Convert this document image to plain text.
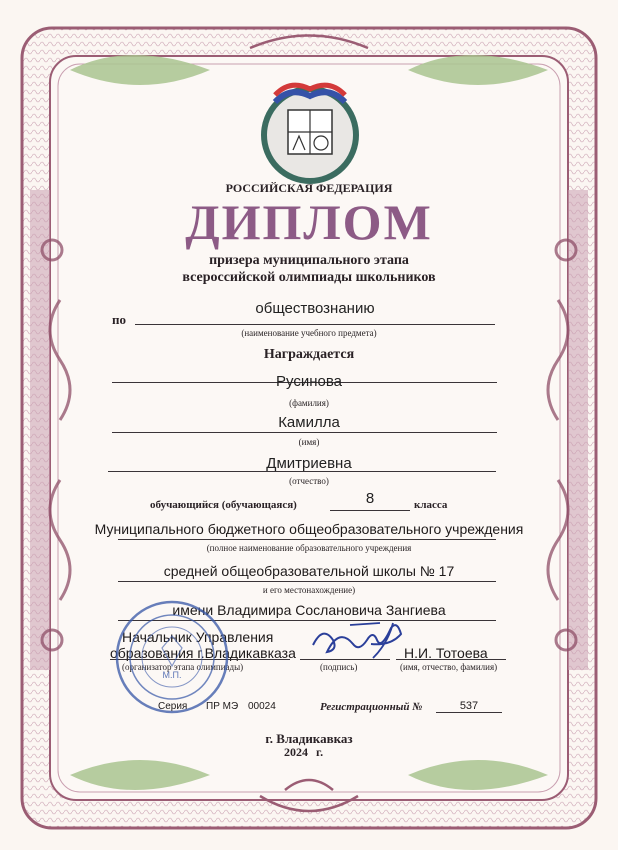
РОССИЙСКАЯ ФЕДЕРАЦИЯ
ДИПЛОМ
призера муниципального этапа
всероссийской олимпиады школьников
по
обществознанию
(наименование учебного предмета)
Награждается
Русинова
(фамилия)
Камилла
(имя)
Дмитриевна
(отчество)
обучающийся (обучающаяся)	8	класса
Муниципального бюджетного общеобразовательного учреждения
(полное наименование образовательного учреждения
средней общеобразовательной школы № 17
и его местонахождение)
имени Владимира Сослановича Зангиева
Начальник Управления
образования г.Владикавказа
(организатор этапа олимпиады)	(подпись)
Н.И. Тотоева
(имя, отчество, фамилия)
М.П.
Серия ПР МЭ 00024	Регистрационный №	537
г. Владикавказ
2024 г.
